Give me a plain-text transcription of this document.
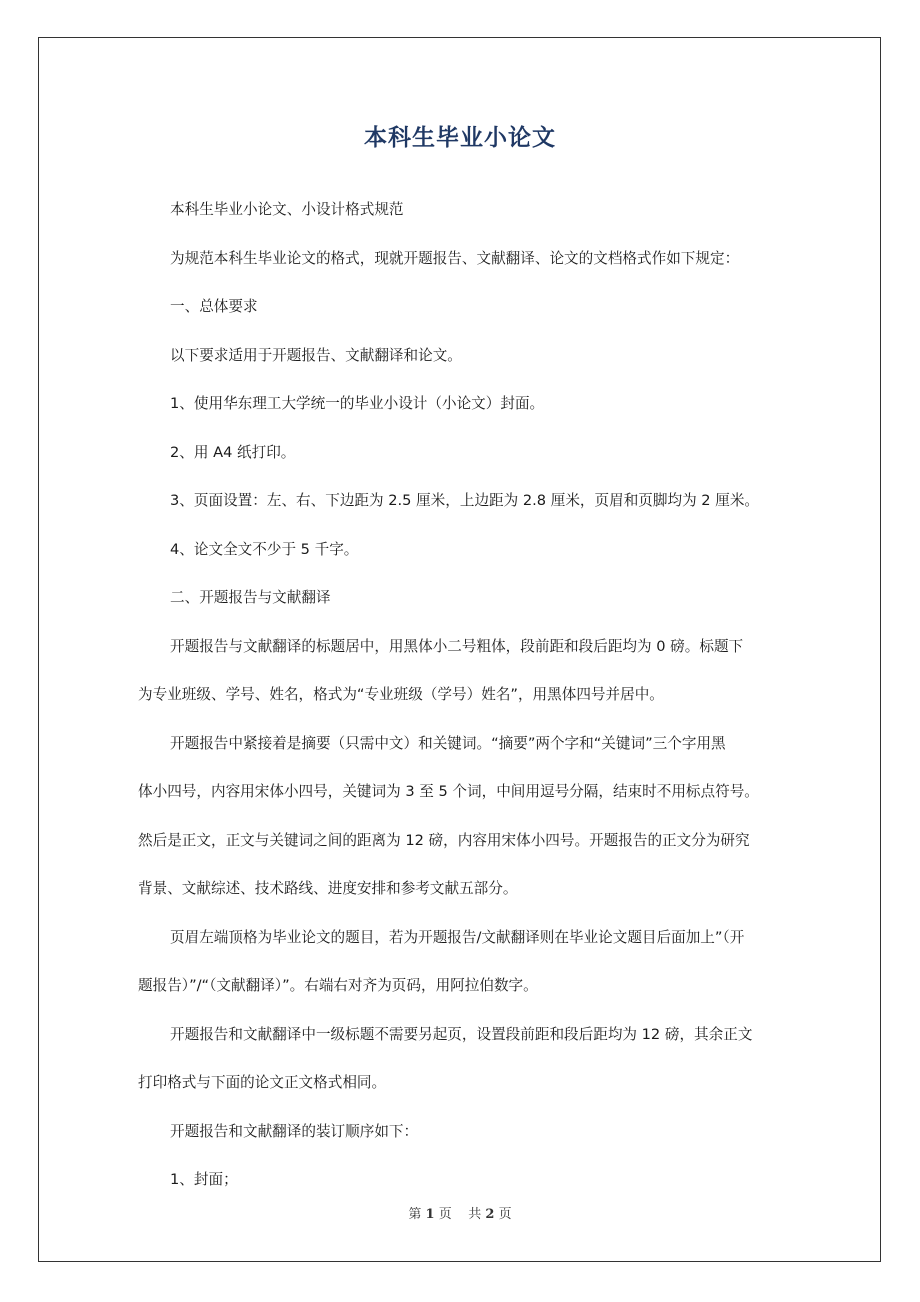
本科生毕业小论文
本科生毕业小论文、小设计格式规范
为规范本科生毕业论文的格式，现就开题报告、文献翻译、论文的文档格式作如下规定：
一、总体要求
以下要求适用于开题报告、文献翻译和论文。
1、使用华东理工大学统一的毕业小设计（小论文）封面。
2、用 A4 纸打印。
3、页面设置：左、右、下边距为 2.5 厘米，上边距为 2.8 厘米，页眉和页脚均为 2 厘米。
4、论文全文不少于 5 千字。
二、开题报告与文献翻译
开题报告与文献翻译的标题居中，用黑体小二号粗体，段前距和段后距均为 0 磅。标题下
为专业班级、学号、姓名，格式为“专业班级（学号）姓名”，用黑体四号并居中。
开题报告中紧接着是摘要（只需中文）和关键词。“摘要”两个字和“关键词”三个字用黑
体小四号，内容用宋体小四号，关键词为 3 至 5 个词，中间用逗号分隔，结束时不用标点符号。
然后是正文，正文与关键词之间的距离为 12 磅，内容用宋体小四号。开题报告的正文分为研究
背景、文献综述、技术路线、进度安排和参考文献五部分。
页眉左端顶格为毕业论文的题目，若为开题报告/文献翻译则在毕业论文题目后面加上”（开
题报告）”/“（文献翻译）”。右端右对齐为页码，用阿拉伯数字。
开题报告和文献翻译中一级标题不需要另起页，设置段前距和段后距均为 12 磅，其余正文
打印格式与下面的论文正文格式相同。
开题报告和文献翻译的装订顺序如下：
1、封面；
第 1 页 共 2 页
